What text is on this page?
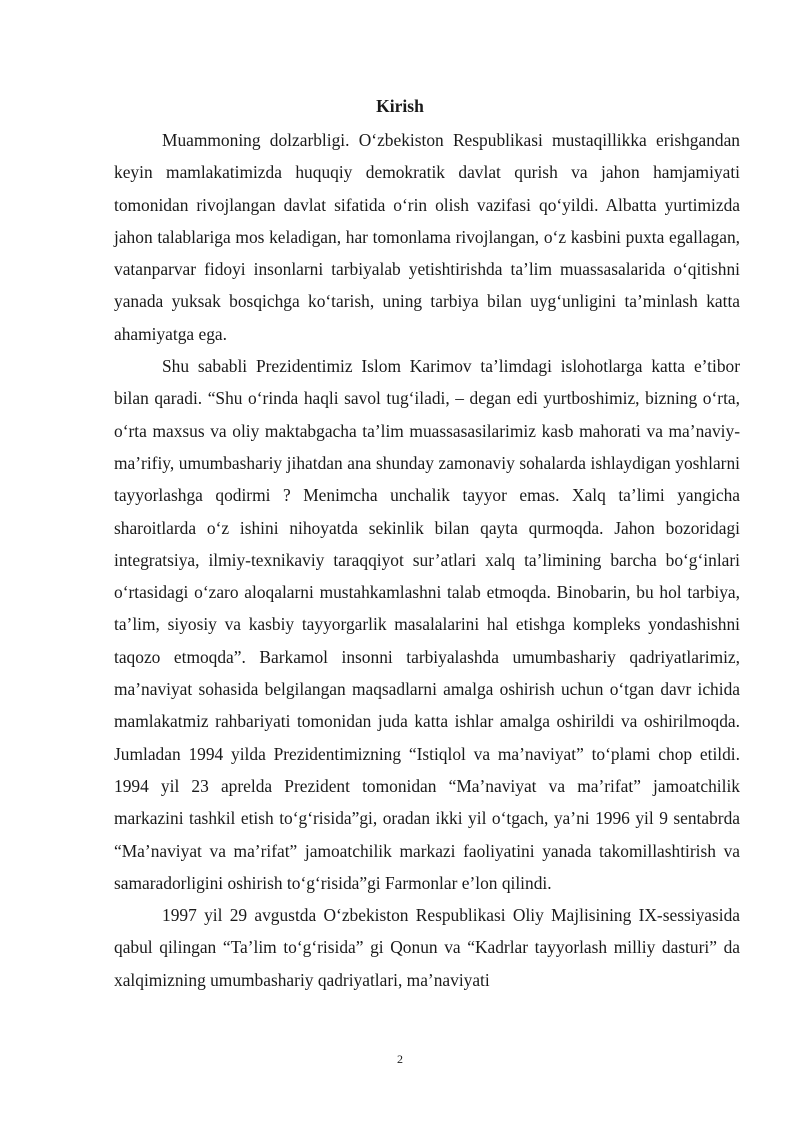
Kirish

Muammoning dolzarbligi. O‘zbekiston Respublikasi mustaqillikka erishgandan keyin mamlakatimizda huquqiy demokratik davlat qurish va jahon hamjamiyati tomonidan rivojlangan davlat sifatida o‘rin olish vazifasi qo‘yildi. Albatta yurtimizda jahon talablariga mos keladigan, har tomonlama rivojlangan, o‘z kasbini puxta egallagan, vatanparvar fidoyi insonlarni tarbiyalab yetishtirishda ta’lim muassasalarida o‘qitishni yanada yuksak bosqichga ko‘tarish, uning tarbiya bilan uyg‘unligini ta’minlash katta ahamiyatga ega.

Shu sababli Prezidentimiz Islom Karimov ta’limdagi islohotlarga katta e’tibor bilan qaradi. “Shu o‘rinda haqli savol tug‘iladi, – degan edi yurtboshimiz, bizning o‘rta, o‘rta maxsus va oliy maktabgacha ta’lim muassasasilarimiz kasb mahorati va ma’naviy-ma’rifiy, umumbashariy jihatdan ana shunday zamonaviy sohalarda ishlaydigan yoshlarni tayyorlashga qodirmi ? Menimcha unchalik tayyor emas. Xalq ta’limi yangicha sharoitlarda o‘z ishini nihoyatda sekinlik bilan qayta qurmoqda. Jahon bozoridagi integratsiya, ilmiy-texnikaviy taraqqiyot sur’atlari xalq ta’limining barcha bo‘g‘inlari o‘rtasidagi o‘zaro aloqalarni mustahkamlashni talab etmoqda. Binobarin, bu hol tarbiya, ta’lim, siyosiy va kasbiy tayyorgarlik masalalarini hal etishga kompleks yondashishni taqozo etmoqda”. Barkamol insonni tarbiyalashda umumbashariy qadriyatlarimiz, ma’naviyat sohasida belgilangan maqsadlarni amalga oshirish uchun o‘tgan davr ichida mamlakatmiz rahbariyati tomonidan juda katta ishlar amalga oshirildi va oshirilmoqda. Jumladan 1994 yilda Prezidentimizning “Istiqlol va ma’naviyat” to‘plami chop etildi. 1994 yil 23 aprelda Prezident tomonidan “Ma’naviyat va ma’rifat” jamoatchilik markazini tashkil etish to‘g‘risida”gi, oradan ikki yil o‘tgach, ya’ni 1996 yil 9 sentabrda “Ma’naviyat va ma’rifat” jamoatchilik markazi faoliyatini yanada takomillashtirish va samaradorligini oshirish to‘g‘risida”gi Farmonlar e’lon qilindi.

1997 yil 29 avgustda O‘zbekiston Respublikasi Oliy Majlisining IX-sessiyasida qabul qilingan “Ta’lim to‘g‘risida” gi Qonun va “Kadrlar tayyorlash milliy dasturi” da xalqimizning umumbashariy qadriyatlari, ma’naviyati

2
